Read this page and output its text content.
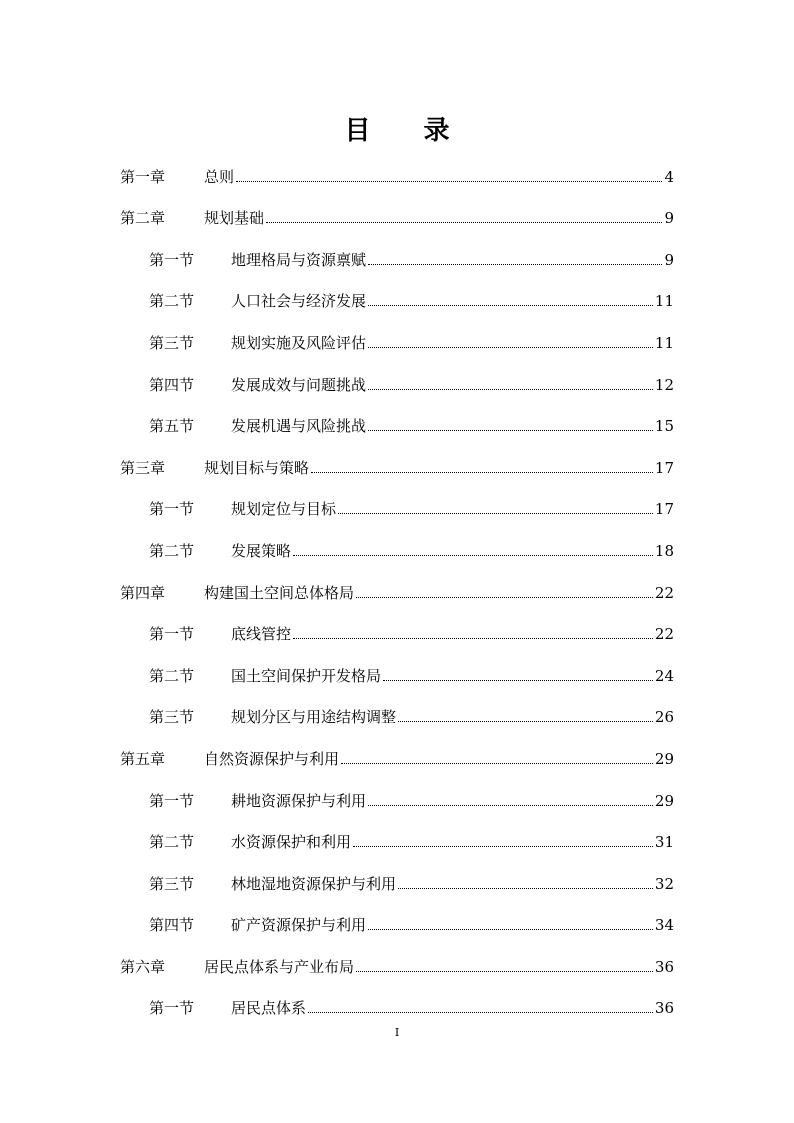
目 录
第一章	总则	4
第二章	规划基础	9
第一节	地理格局与资源禀赋	9
第二节	人口社会与经济发展	11
第三节	规划实施及风险评估	11
第四节	发展成效与问题挑战	12
第五节	发展机遇与风险挑战	15
第三章	规划目标与策略	17
第一节	规划定位与目标	17
第二节	发展策略	18
第四章	构建国土空间总体格局	22
第一节	底线管控	22
第二节	国土空间保护开发格局	24
第三节	规划分区与用途结构调整	26
第五章	自然资源保护与利用	29
第一节	耕地资源保护与利用	29
第二节	水资源保护和利用	31
第三节	林地湿地资源保护与利用	32
第四节	矿产资源保护与利用	34
第六章	居民点体系与产业布局	36
第一节	居民点体系	36
I
